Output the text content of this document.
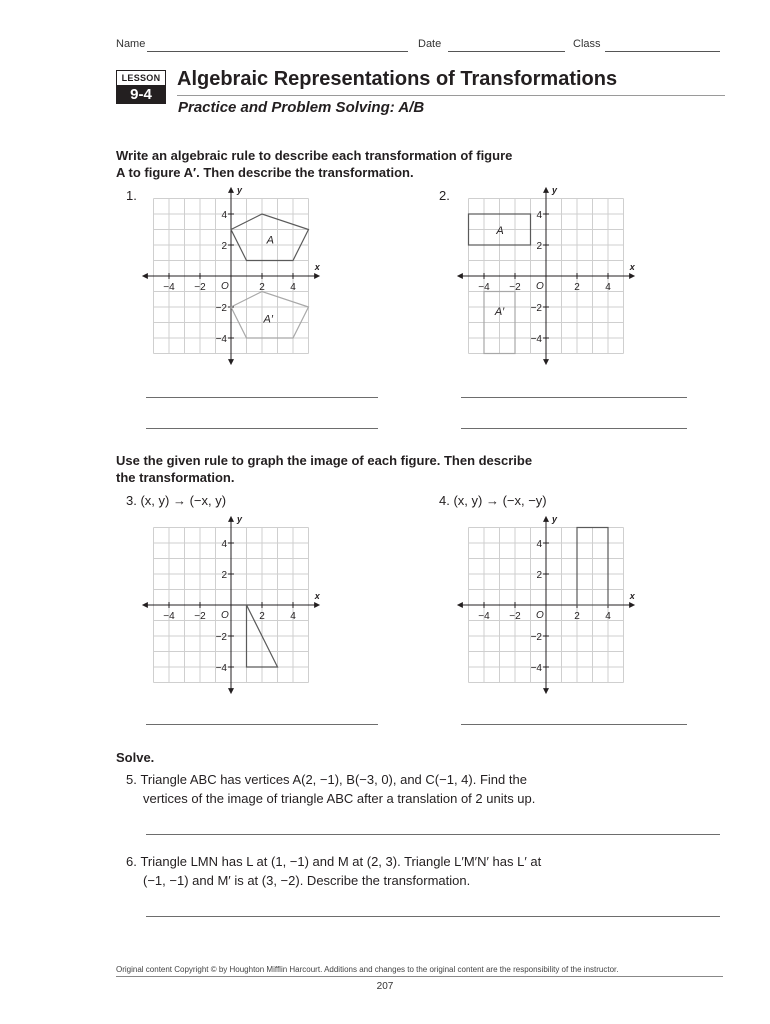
Name	Date	Class
LESSON
9-4
Algebraic Representations of Transformations
Practice and Problem Solving: A/B
Write an algebraic rule to describe each transformation of figure
A to figure A′. Then describe the transformation.
1.	2.
−4 −2	2	4
4
2
−2
−4
O
x
y
A
A′
−4 −2	2	4
4
2
−2
−4
O
x
y
A
A′
Use the given rule to graph the image of each figure. Then describe
the transformation.
3. (x, y) → (−x, y)	4. (x, y) → (−x, −y)
−4 −2	2	4
4
2
−2
−4
O
x
y
−4 −2	2	4
4
2
−2
−4
O
x
y
Solve.
5. Triangle ABC has vertices A(2, −1), B(−3, 0), and C(−1, 4). Find the
vertices of the image of triangle ABC after a translation of 2 units up.
6. Triangle LMN has L at (1, −1) and M at (2, 3). Triangle L′M′N′ has L′ at
(−1, −1) and M′ is at (3, −2). Describe the transformation.
Original content Copyright © by Houghton Mifflin Harcourt. Additions and changes to the original content are the responsibility of the instructor.
207
